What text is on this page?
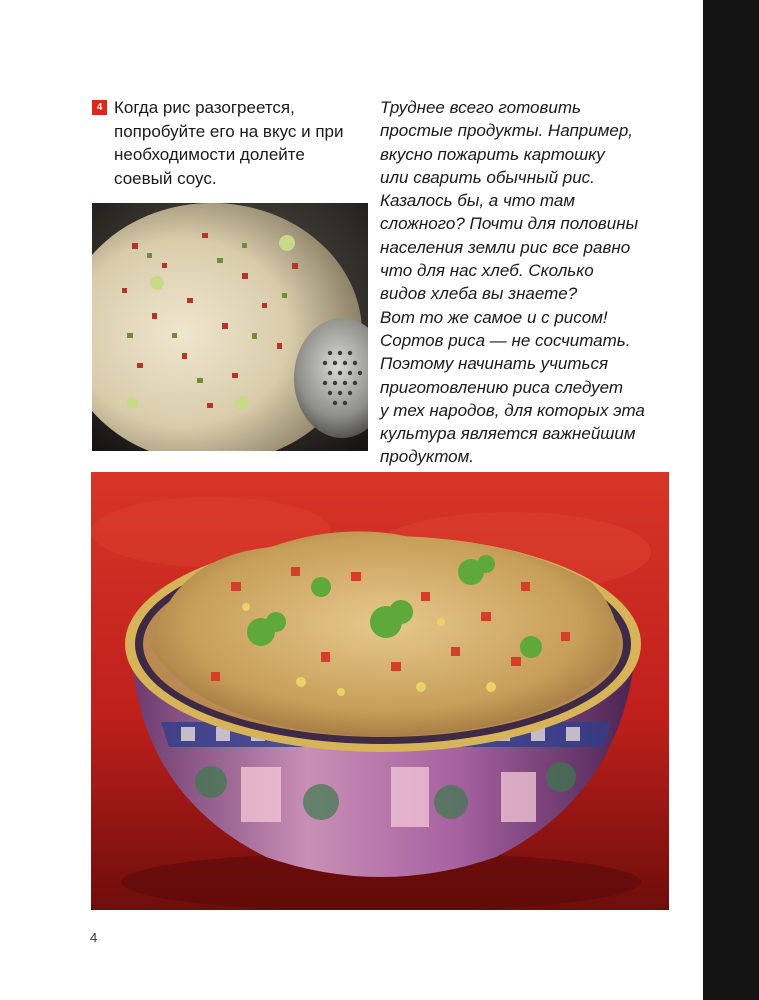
4 Когда рис разогреется, попробуйте его на вкус и при необходимости долейте соевый соус.
Труднее всего готовить
простые продукты. Например,
вкусно пожарить картошку
или сварить обычный рис.
Казалось бы, а что там
сложного? Почти для половины
населения земли рис все равно
что для нас хлеб. Сколько
видов хлеба вы знаете?
Вот то же самое и с рисом!
Сортов риса — не сосчитать.
Поэтому начинать учиться
приготовлению риса следует
у тех народов, для которых эта
культура является важнейшим
продуктом.
4
